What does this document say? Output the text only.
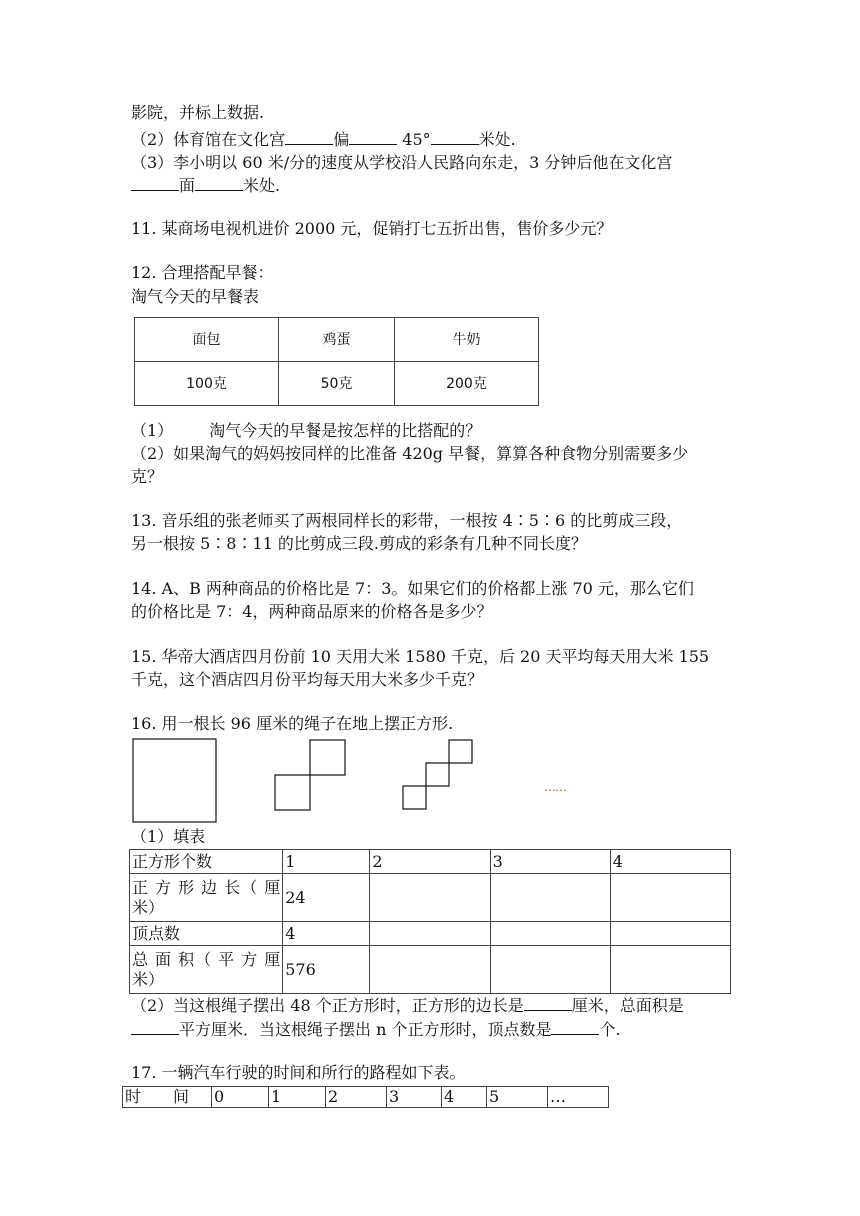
影院，并标上数据.
（2）体育馆在文化宫	偏	45°	米处.
（3）李小明以 60 米/分的速度从学校沿人民路向东走，3 分钟后他在文化宫
面	米处.
11. 某商场电视机进价 2000 元，促销打七五折出售，售价多少元？
12. 合理搭配早餐：
淘气今天的早餐表
面包	鸡蛋	牛奶
100克	50克	200克
（1） 淘气今天的早餐是按怎样的比搭配的？
（2）如果淘气的妈妈按同样的比准备 420g 早餐，算算各种食物分别需要多少
克？
13. 音乐组的张老师买了两根同样长的彩带，一根按 4∶5∶6 的比剪成三段，
另一根按 5∶8∶11 的比剪成三段.剪成的彩条有几种不同长度？
14. A、B 两种商品的价格比是 7：3。如果它们的价格都上涨 70 元，那么它们
的价格比是 7：4，两种商品原来的价格各是多少？
15. 华帝大酒店四月份前 10 天用大米 1580 千克，后 20 天平均每天用大米 155
千克，这个酒店四月份平均每天用大米多少千克？
16. 用一根长 96 厘米的绳子在地上摆正方形.
……
（1）填表
正方形个数	1	2	3	4

正 方 形 边 长（ 厘
米）	24			
顶点数	4			

总 面 积（ 平 方 厘
米）	576			
（2）当这根绳子摆出 48 个正方形时，正方形的边长是	厘米，总面积是
平方厘米．当这根绳子摆出 n 个正方形时，顶点数是	个.
17. 一辆汽车行驶的时间和所行的路程如下表。
时　　间	0	1	2	3	4	5	…
